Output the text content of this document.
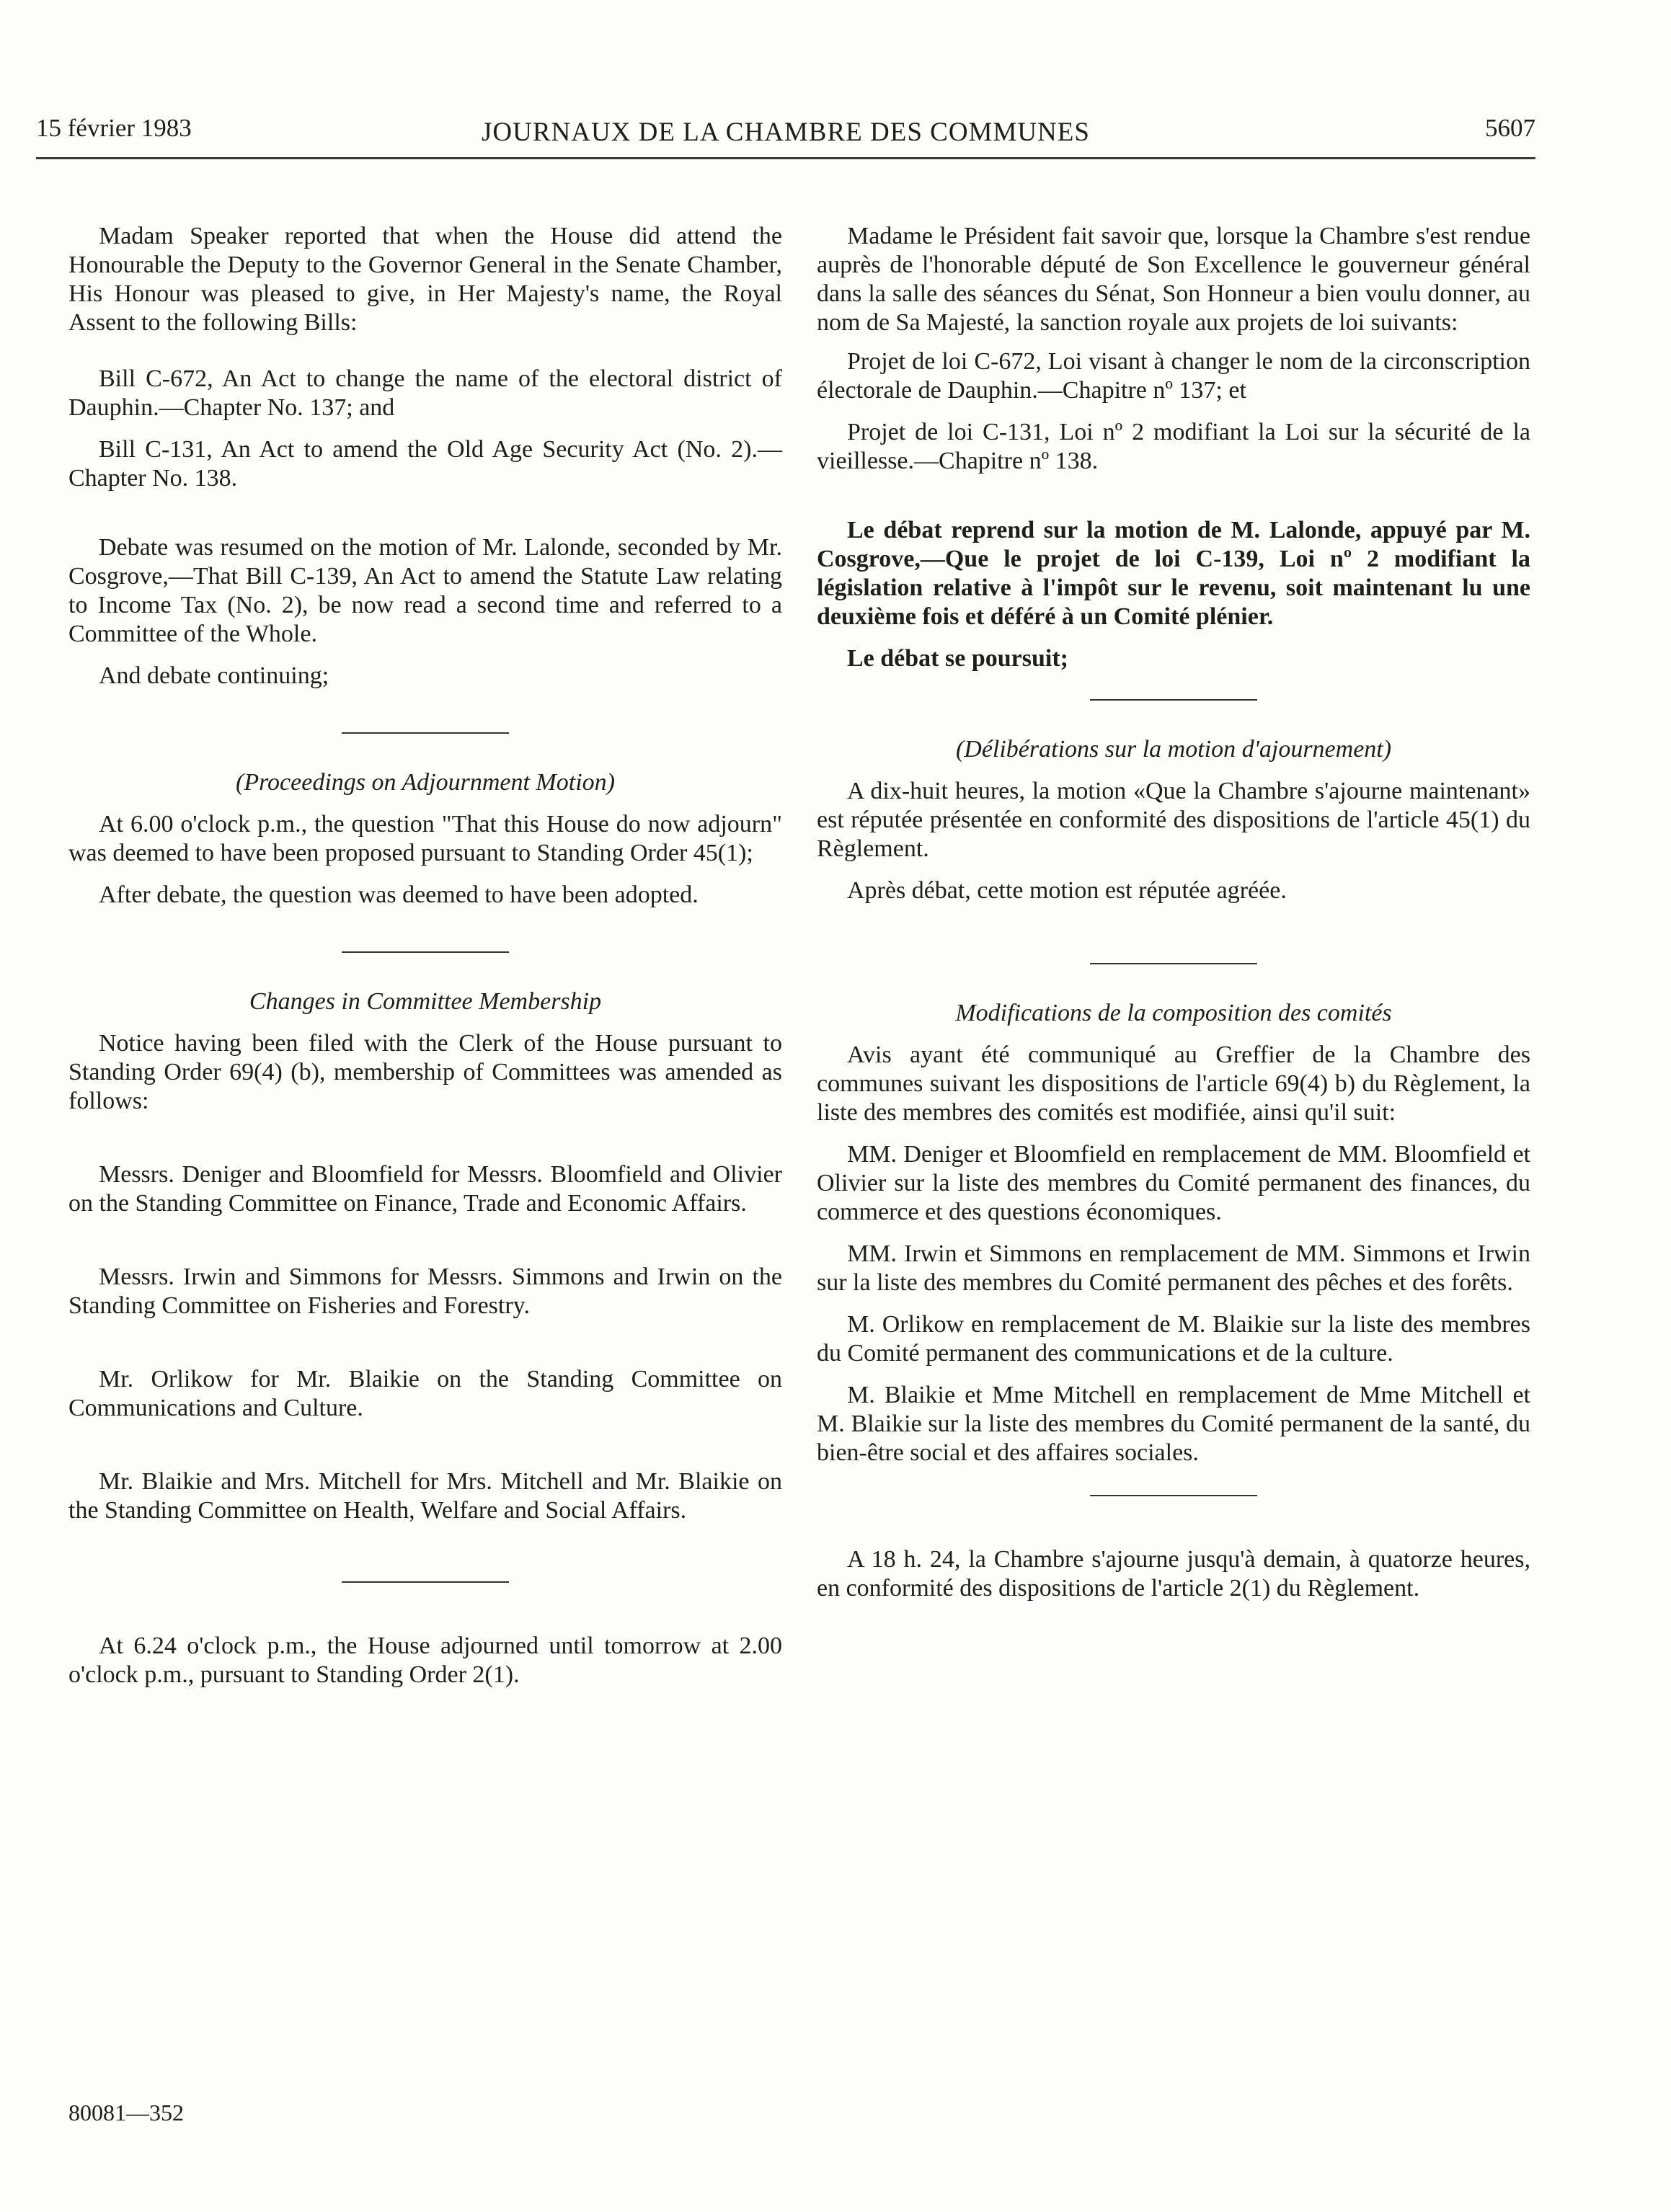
15 février 1983	JOURNAUX DE LA CHAMBRE DES COMMUNES	5607

Madam Speaker reported that when the House did attend the Honourable the Deputy to the Governor General in the Senate Chamber, His Honour was pleased to give, in Her Majesty's name, the Royal Assent to the following Bills:

Bill C-672, An Act to change the name of the electoral district of Dauphin.—Chapter No. 137; and

Bill C-131, An Act to amend the Old Age Security Act (No. 2).—Chapter No. 138.

Debate was resumed on the motion of Mr. Lalonde, seconded by Mr. Cosgrove,—That Bill C-139, An Act to amend the Statute Law relating to Income Tax (No. 2), be now read a second time and referred to a Committee of the Whole.

And debate continuing;

(Proceedings on Adjournment Motion)

At 6.00 o'clock p.m., the question "That this House do now adjourn" was deemed to have been proposed pursuant to Standing Order 45(1);

After debate, the question was deemed to have been adopted.

Changes in Committee Membership

Notice having been filed with the Clerk of the House pursuant to Standing Order 69(4) (b), membership of Committees was amended as follows:

Messrs. Deniger and Bloomfield for Messrs. Bloomfield and Olivier on the Standing Committee on Finance, Trade and Economic Affairs.

Messrs. Irwin and Simmons for Messrs. Simmons and Irwin on the Standing Committee on Fisheries and Forestry.

Mr. Orlikow for Mr. Blaikie on the Standing Committee on Communications and Culture.

Mr. Blaikie and Mrs. Mitchell for Mrs. Mitchell and Mr. Blaikie on the Standing Committee on Health, Welfare and Social Affairs.

At 6.24 o'clock p.m., the House adjourned until tomorrow at 2.00 o'clock p.m., pursuant to Standing Order 2(1).

Madame le Président fait savoir que, lorsque la Chambre s'est rendue auprès de l'honorable député de Son Excellence le gouverneur général dans la salle des séances du Sénat, Son Honneur a bien voulu donner, au nom de Sa Majesté, la sanction royale aux projets de loi suivants:

Projet de loi C-672, Loi visant à changer le nom de la circonscription électorale de Dauphin.—Chapitre nº 137; et

Projet de loi C-131, Loi nº 2 modifiant la Loi sur la sécurité de la vieillesse.—Chapitre nº 138.

Le débat reprend sur la motion de M. Lalonde, appuyé par M. Cosgrove,—Que le projet de loi C-139, Loi nº 2 modifiant la législation relative à l'impôt sur le revenu, soit maintenant lu une deuxième fois et déféré à un Comité plénier.

Le débat se poursuit;

(Délibérations sur la motion d'ajournement)

A dix-huit heures, la motion «Que la Chambre s'ajourne maintenant» est réputée présentée en conformité des dispositions de l'article 45(1) du Règlement.

Après débat, cette motion est réputée agréée.

Modifications de la composition des comités

Avis ayant été communiqué au Greffier de la Chambre des communes suivant les dispositions de l'article 69(4) b) du Règlement, la liste des membres des comités est modifiée, ainsi qu'il suit:

MM. Deniger et Bloomfield en remplacement de MM. Bloomfield et Olivier sur la liste des membres du Comité permanent des finances, du commerce et des questions économiques.

MM. Irwin et Simmons en remplacement de MM. Simmons et Irwin sur la liste des membres du Comité permanent des pêches et des forêts.

M. Orlikow en remplacement de M. Blaikie sur la liste des membres du Comité permanent des communications et de la culture.

M. Blaikie et Mme Mitchell en remplacement de Mme Mitchell et M. Blaikie sur la liste des membres du Comité permanent de la santé, du bien-être social et des affaires sociales.

A 18 h. 24, la Chambre s'ajourne jusqu'à demain, à quatorze heures, en conformité des dispositions de l'article 2(1) du Règlement.

80081—352
